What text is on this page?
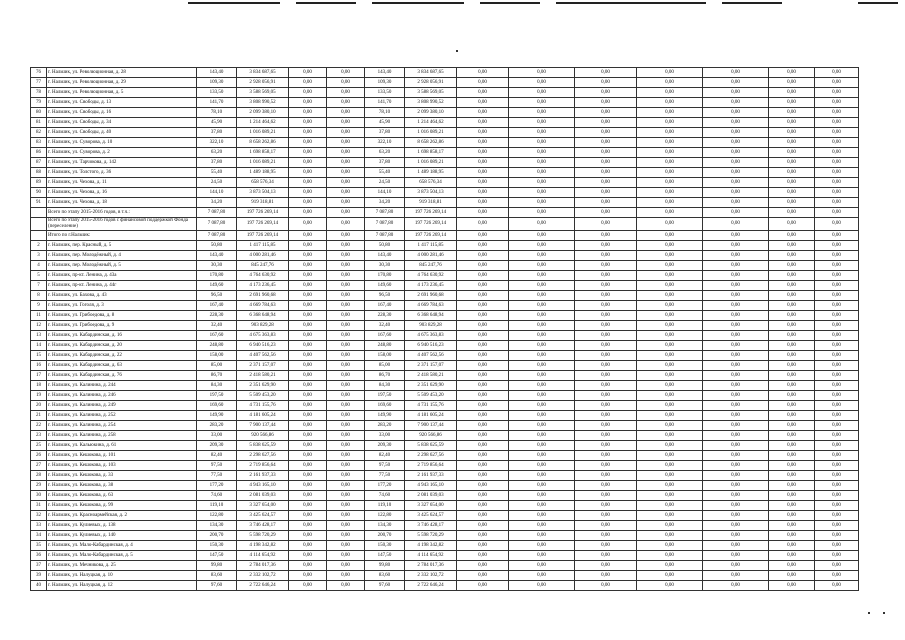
76	г. Нальчик, ул. Революционная, д. 28	143,40	3 834 687,65	0,00	0,00	143,40	3 834 687,65	0,00	0,00	0,00	0,00	0,00	0,00	0,00
77	г. Нальчик, ул. Революционная, д. 29	109,30	2 928 056,91	0,00	0,00	109,30	2 928 056,91	0,00	0,00	0,00	0,00	0,00	0,00	0,00
78	г. Нальчик, ул. Революционная, д. 5	133,50	3 588 569,05	0,00	0,00	133,50	3 588 569,05	0,00	0,00	0,00	0,00	0,00	0,00	0,00
79	г. Нальчик, ул. Свободы, д. 13	141,70	3 808 990,52	0,00	0,00	141,70	3 808 990,52	0,00	0,00	0,00	0,00	0,00	0,00	0,00
80	г. Нальчик, ул. Свободы, д. 16	78,10	2 099 380,10	0,00	0,00	78,10	2 099 380,10	0,00	0,00	0,00	0,00	0,00	0,00	0,00
81	г. Нальчик, ул. Свободы, д. 34	45,90	1 214 464,62	0,00	0,00	45,90	1 214 464,62	0,00	0,00	0,00	0,00	0,00	0,00	0,00
82	г. Нальчик, ул. Свободы, д. 40	37,80	1 016 089,21	0,00	0,00	37,80	1 016 089,21	0,00	0,00	0,00	0,00	0,00	0,00	0,00
83	г. Нальчик, ул. Суворова, д. 10	322,10	8 658 262,86	0,00	0,00	322,10	8 658 262,86	0,00	0,00	0,00	0,00	0,00	0,00	0,00
86	г. Нальчик, ул. Суворова, д. 2	63,20	1 698 858,17	0,00	0,00	63,20	1 698 858,17	0,00	0,00	0,00	0,00	0,00	0,00	0,00
87	г. Нальчик, ул. Тарчокова, д. 142	37,80	1 016 089,21	0,00	0,00	37,80	1 016 089,21	0,00	0,00	0,00	0,00	0,00	0,00	0,00
88	г. Нальчик, ул. Толстого, д. 36	55,40	1 489 188,95	0,00	0,00	55,40	1 489 188,95	0,00	0,00	0,00	0,00	0,00	0,00	0,00
89	г. Нальчик, ул. Чехова, д. 11	24,50	658 576,34	0,00	0,00	24,50	658 576,34	0,00	0,00	0,00	0,00	0,00	0,00	0,00
90	г. Нальчик, ул. Чехова, д. 16	144,10	3 873 504,13	0,00	0,00	144,10	3 873 504,13	0,00	0,00	0,00	0,00	0,00	0,00	0,00
91	г. Нальчик, ул. Чехова, д. 18	34,20	919 318,81	0,00	0,00	34,20	919 318,81	0,00	0,00	0,00	0,00	0,00	0,00	0,00
	Всего по этапу 2015-2016 годов, в т.ч.:	7 087,80	197 726 269,14	0,00	0,00	7 087,80	197 726 269,14	0,00	0,00	0,00	0,00	0,00	0,00	0,00
	Всего по этапу 2015-2016 годов с финансовой поддержкой Фонда (переселение)	7 087,80	197 726 269,14	0,00	0,00	7 087,80	197 726 269,14	0,00	0,00	0,00	0,00	0,00	0,00	0,00
	Итого по г.Нальчик:	7 087,80	197 726 269,14	0,00	0,00	7 087,80	197 726 269,14	0,00	0,00	0,00	0,00	0,00	0,00	0,00
2	г. Нальчик, пер. Красный, д. 5	50,80	1 417 115,85	0,00	0,00	50,80	1 417 115,85	0,00	0,00	0,00	0,00	0,00	0,00	0,00
3	г. Нальчик, пер. Молодёжный, д. 4	143,40	4 000 281,46	0,00	0,00	143,40	4 000 281,46	0,00	0,00	0,00	0,00	0,00	0,00	0,00
4	г. Нальчик, пер. Молодёжный, д. 5	30,30	845 247,76	0,00	0,00	30,30	845 247,76	0,00	0,00	0,00	0,00	0,00	0,00	0,00
5	г. Нальчик, пр-кт. Ленина, д. 43а	170,80	4 764 630,92	0,00	0,00	170,80	4 764 630,92	0,00	0,00	0,00	0,00	0,00	0,00	0,00
7	г. Нальчик, пр-кт. Ленина, д. 44г	149,60	4 173 236,45	0,00	0,00	149,60	4 173 236,45	0,00	0,00	0,00	0,00	0,00	0,00	0,00
8	г. Нальчик, ул. Бахова, д. 43	96,50	2 691 960,68	0,00	0,00	96,50	2 691 960,68	0,00	0,00	0,00	0,00	0,00	0,00	0,00
9	г. Нальчик, ул. Гоголя, д. 3	167,40	4 669 784,63	0,00	0,00	167,40	4 669 784,63	0,00	0,00	0,00	0,00	0,00	0,00	0,00
11	г. Нальчик, ул. Грибоедова, д. 8	228,30	6 368 648,94	0,00	0,00	228,30	6 368 648,94	0,00	0,00	0,00	0,00	0,00	0,00	0,00
12	г. Нальчик, ул. Грибоедова, д. 9	32,40	903 829,28	0,00	0,00	32,40	903 829,28	0,00	0,00	0,00	0,00	0,00	0,00	0,00
13	г. Нальчик, ул. Кабардинская, д. 16	167,60	4 675 363,83	0,00	0,00	167,60	4 675 363,83	0,00	0,00	0,00	0,00	0,00	0,00	0,00
14	г. Нальчик, ул. Кабардинская, д. 20	248,80	6 940 516,23	0,00	0,00	248,80	6 940 516,23	0,00	0,00	0,00	0,00	0,00	0,00	0,00
15	г. Нальчик, ул. Кабардинская, д. 22	158,00	4 407 562,56	0,00	0,00	158,00	4 407 562,56	0,00	0,00	0,00	0,00	0,00	0,00	0,00
16	г. Нальчик, ул. Кабардинская, д. 63	85,00	2 371 157,07	0,00	0,00	85,00	2 371 157,07	0,00	0,00	0,00	0,00	0,00	0,00	0,00
17	г. Нальчик, ул. Кабардинская, д. 76	86,70	2 418 580,21	0,00	0,00	86,70	2 418 580,21	0,00	0,00	0,00	0,00	0,00	0,00	0,00
18	г. Нальчик, ул. Калинина, д. 244	84,30	2 351 629,90	0,00	0,00	84,30	2 351 629,90	0,00	0,00	0,00	0,00	0,00	0,00	0,00
19	г. Нальчик, ул. Калинина, д. 246	197,50	5 509 453,20	0,00	0,00	197,50	5 509 453,20	0,00	0,00	0,00	0,00	0,00	0,00	0,00
20	г. Нальчик, ул. Калинина, д. 249	169,60	4 731 155,76	0,00	0,00	169,60	4 731 155,76	0,00	0,00	0,00	0,00	0,00	0,00	0,00
21	г. Нальчик, ул. Калинина, д. 252	149,90	4 181 605,24	0,00	0,00	149,90	4 181 605,24	0,00	0,00	0,00	0,00	0,00	0,00	0,00
22	г. Нальчик, ул. Калинина, д. 254	283,20	7 900 137,44	0,00	0,00	283,20	7 900 137,44	0,00	0,00	0,00	0,00	0,00	0,00	0,00
23	г. Нальчик, ул. Калинина, д. 258	33,00	920 566,86	0,00	0,00	33,00	920 566,86	0,00	0,00	0,00	0,00	0,00	0,00	0,00
25	г. Нальчик, ул. Кальюкина, д. 61	209,30	5 838 625,59	0,00	0,00	209,30	5 838 625,59	0,00	0,00	0,00	0,00	0,00	0,00	0,00
26	г. Нальчик, ул. Кешокова, д. 101	82,40	2 298 627,56	0,00	0,00	82,40	2 298 627,56	0,00	0,00	0,00	0,00	0,00	0,00	0,00
27	г. Нальчик, ул. Кешокова, д. 103	97,50	2 719 856,64	0,00	0,00	97,50	2 719 856,64	0,00	0,00	0,00	0,00	0,00	0,00	0,00
28	г. Нальчик, ул. Кешокова, д. 33	77,50	2 161 937,33	0,00	0,00	77,50	2 161 937,33	0,00	0,00	0,00	0,00	0,00	0,00	0,00
29	г. Нальчик, ул. Кешокова, д. 38	177,20	4 943 165,10	0,00	0,00	177,20	4 943 165,10	0,00	0,00	0,00	0,00	0,00	0,00	0,00
30	г. Нальчик, ул. Кешокова, д. 63	74,60	2 081 039,03	0,00	0,00	74,60	2 081 039,03	0,00	0,00	0,00	0,00	0,00	0,00	0,00
31	г. Нальчик, ул. Кешокова, д. 99	119,10	3 327 654,00	0,00	0,00	119,10	3 327 654,00	0,00	0,00	0,00	0,00	0,00	0,00	0,00
32	г. Нальчик, ул. Красноармейская, д. 2	122,80	3 425 624,57	0,00	0,00	122,80	3 425 624,57	0,00	0,00	0,00	0,00	0,00	0,00	0,00
33	г. Нальчик, ул. Кулиевых, д. 138	134,30	3 746 428,17	0,00	0,00	134,30	3 746 428,17	0,00	0,00	0,00	0,00	0,00	0,00	0,00
34	г. Нальчик, ул. Кулиевых, д. 140	200,70	5 598 720,29	0,00	0,00	200,70	5 598 720,29	0,00	0,00	0,00	0,00	0,00	0,00	0,00
35	г. Нальчик, ул. Мало-Кабардинская, д. 4	150,30	4 198 342,82	0,00	0,00	150,30	4 198 342,82	0,00	0,00	0,00	0,00	0,00	0,00	0,00
36	г. Нальчик, ул. Мало-Кабардинская, д. 5	147,50	4 114 654,92	0,00	0,00	147,50	4 114 654,92	0,00	0,00	0,00	0,00	0,00	0,00	0,00
37	г. Нальчик, ул. Мечникова, д. 25	99,80	2 784 017,36	0,00	0,00	99,80	2 784 017,36	0,00	0,00	0,00	0,00	0,00	0,00	0,00
39	г. Нальчик, ул. Налуцкая, д. 10	83,60	2 332 102,72	0,00	0,00	83,60	2 332 102,72	0,00	0,00	0,00	0,00	0,00	0,00	0,00
40	г. Нальчик, ул. Налуцкая, д. 12	97,60	2 722 646,24	0,00	0,00	97,60	2 722 646,24	0,00	0,00	0,00	0,00	0,00	0,00	0,00
